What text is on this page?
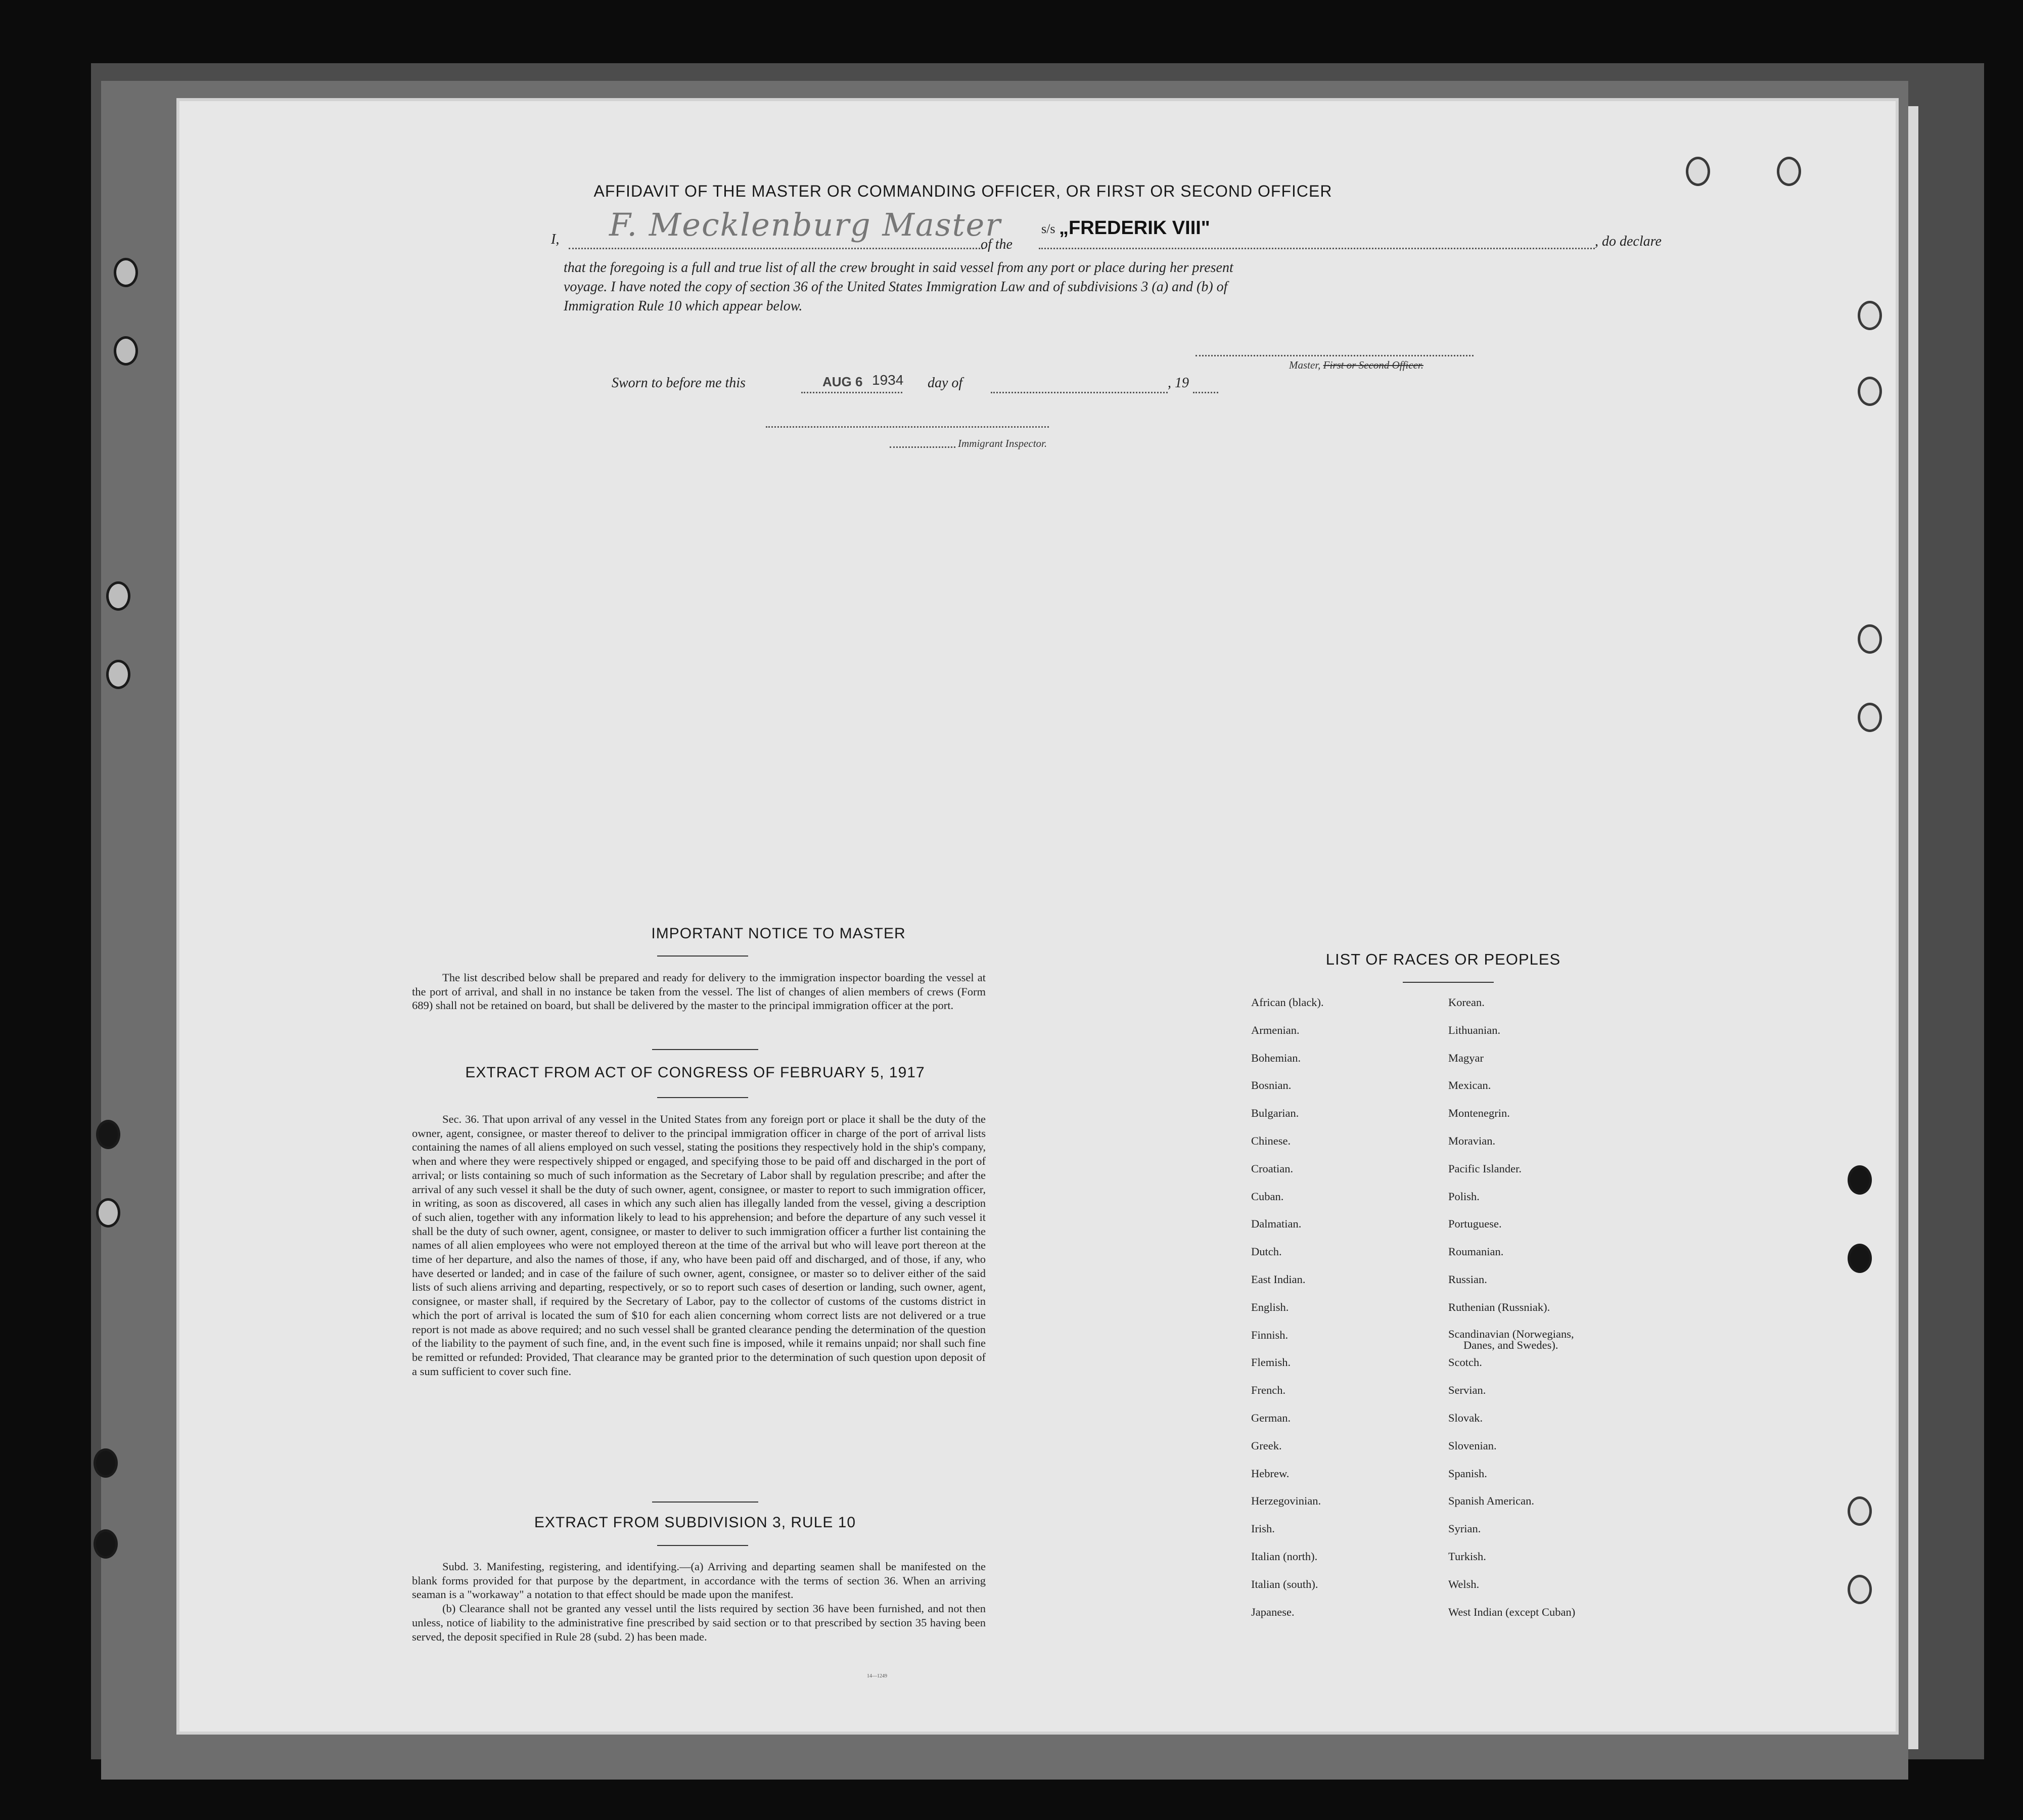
AFFIDAVIT OF THE MASTER OR COMMANDING OFFICER, OR FIRST OR SECOND OFFICER
I, F. Mecklenburg Master
of the
s/s „FREDERIK VIII"
, do declare
that the foregoing is a full and true list of all the crew brought in said vessel from any port or place during her present
voyage. I have noted the copy of section 36 of the United States Immigration Law and of subdivisions 3 (a) and (b) of
Immigration Rule 10 which appear below.
Master, First or Second Officer.
Sworn to before me this	AUG 6 1934 day of	, 19
Immigrant Inspector.
IMPORTANT NOTICE TO MASTER

The list described below shall be prepared and ready for delivery to the immigration inspector boarding the vessel at the port of arrival, and shall in no instance be taken from the vessel. The list of changes of alien members of crews (Form 689) shall not be retained on board, but shall be delivered by the master to the principal immigration officer at the port.

EXTRACT FROM ACT OF CONGRESS OF FEBRUARY 5, 1917

Sec. 36. That upon arrival of any vessel in the United States from any foreign port or place it shall be the duty of the owner, agent, consignee, or master thereof to deliver to the principal immigration officer in charge of the port of arrival lists containing the names of all aliens employed on such vessel, stating the positions they respectively hold in the ship's company, when and where they were respectively shipped or engaged, and specifying those to be paid off and discharged in the port of arrival; or lists containing so much of such information as the Secretary of Labor shall by regulation prescribe; and after the arrival of any such vessel it shall be the duty of such owner, agent, consignee, or master to report to such immigration officer, in writing, as soon as discovered, all cases in which any such alien has illegally landed from the vessel, giving a description of such alien, together with any information likely to lead to his apprehension; and before the departure of any such vessel it shall be the duty of such owner, agent, consignee, or master to deliver to such immigration officer a further list containing the names of all alien employees who were not employed thereon at the time of the arrival but who will leave port thereon at the time of her departure, and also the names of those, if any, who have been paid off and discharged, and of those, if any, who have deserted or landed; and in case of the failure of such owner, agent, consignee, or master so to deliver either of the said lists of such aliens arriving and departing, respectively, or so to report such cases of desertion or landing, such owner, agent, consignee, or master shall, if required by the Secretary of Labor, pay to the collector of customs of the customs district in which the port of arrival is located the sum of $10 for each alien concerning whom correct lists are not delivered or a true report is not made as above required; and no such vessel shall be granted clearance pending the determination of the question of the liability to the payment of such fine, and, in the event such fine is imposed, while it remains unpaid; nor shall such fine be remitted or refunded: Provided, That clearance may be granted prior to the determination of such question upon deposit of a sum sufficient to cover such fine.

EXTRACT FROM SUBDIVISION 3, RULE 10

Subd. 3. Manifesting, registering, and identifying.—(a) Arriving and departing seamen shall be manifested on the blank forms provided for that purpose by the department, in accordance with the terms of section 36. When an arriving seaman is a "workaway" a notation to that effect should be made upon the manifest.

(b) Clearance shall not be granted any vessel until the lists required by section 36 have been furnished, and not then unless, notice of liability to the administrative fine prescribed by said section or to that prescribed by section 35 having been served, the deposit specified in Rule 28 (subd. 2) has been made.

14—1249
LIST OF RACES OR PEOPLES
African (black).
Armenian.
Bohemian.
Bosnian.
Bulgarian.
Chinese.
Croatian.
Cuban.
Dalmatian.
Dutch.
East Indian.
English.
Finnish.
Flemish.
French.
German.
Greek.
Hebrew.
Herzegovinian.
Irish.
Italian (north).
Italian (south).
Japanese.
Korean.
Lithuanian.
Magyar
Mexican.
Montenegrin.
Moravian.
Pacific Islander.
Polish.
Portuguese.
Roumanian.
Russian.
Ruthenian (Russniak).
Scandinavian (Norwegians,
Danes, and Swedes).
Scotch.
Servian.
Slovak.
Slovenian.
Spanish.
Spanish American.
Syrian.
Turkish.
Welsh.
West Indian (except Cuban)
